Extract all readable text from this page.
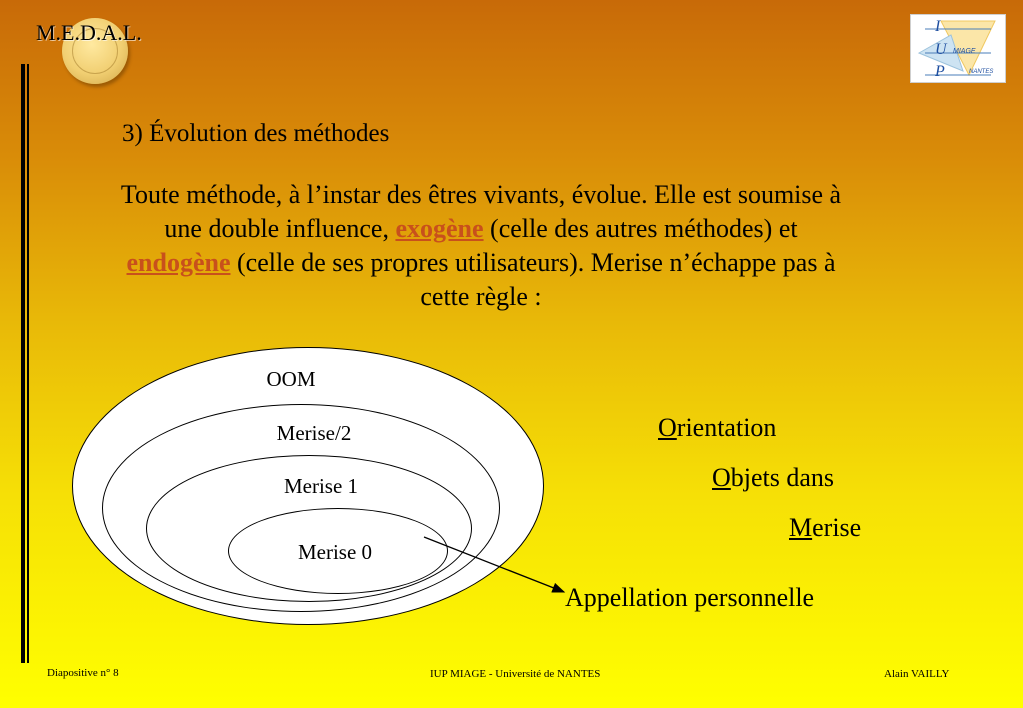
M.E.D.A.L.	I
U
P
MIAGE
NANTES
3) Évolution des méthodes
Toute méthode, à l’instar des êtres vivants, évolue. Elle est soumise à une double influence, exogène (celle des autres méthodes) et endogène (celle de ses propres utilisateurs). Merise n’échappe pas à cette règle :
OOM
Merise/2
Merise 1
Merise 0
Orientation
Objets dans
Merise
Appellation personnelle
Diapositive n° 8	IUP MIAGE - Université de NANTES	Alain VAILLY
